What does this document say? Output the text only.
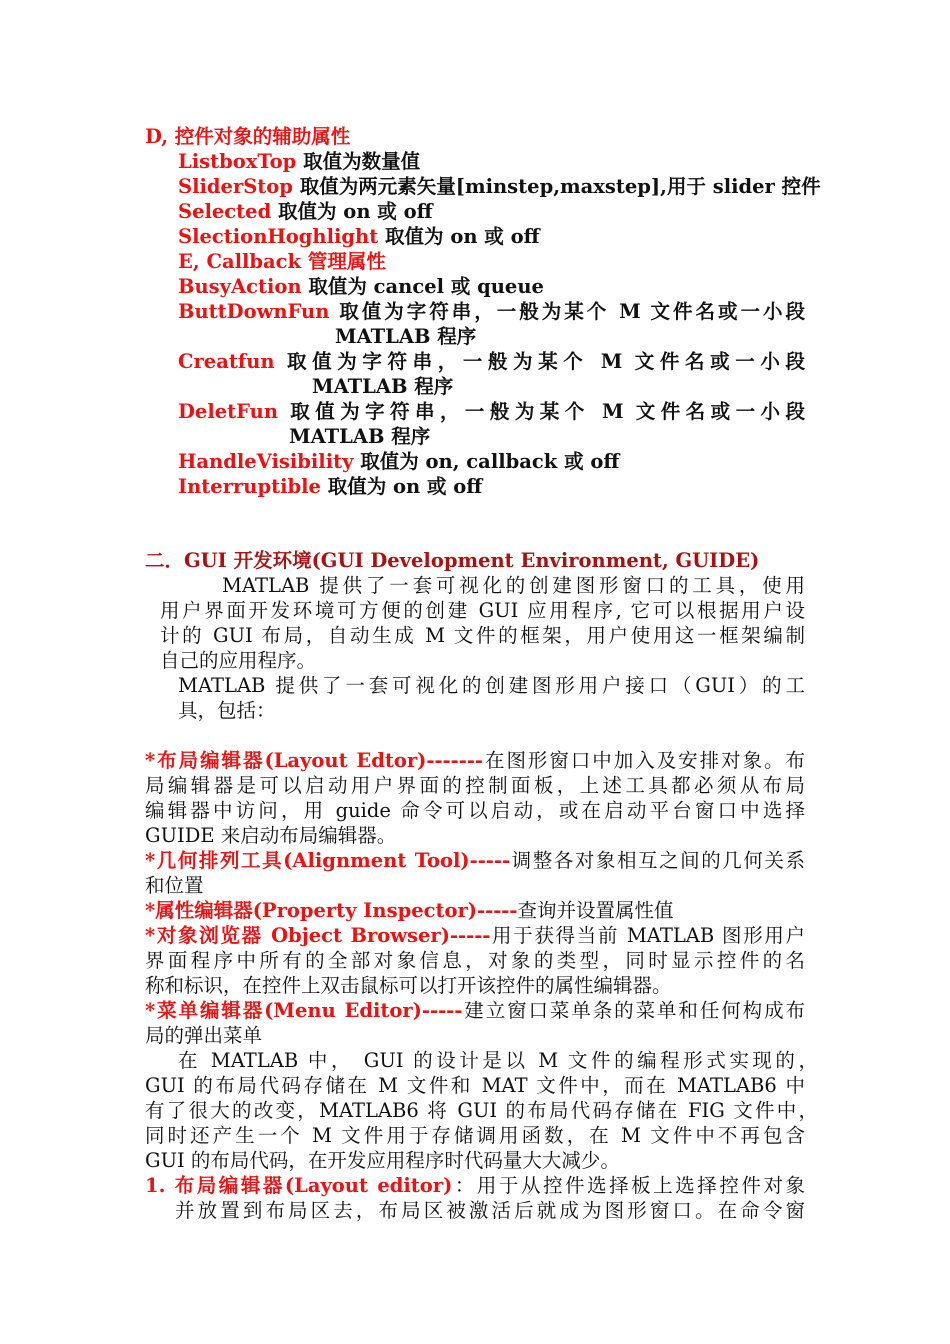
D, 控件对象的辅助属性
ListboxTop 取值为数量值
SliderStop 取值为两元素矢量[minstep,maxstep],用于 slider 控件
Selected 取值为 on 或 off
SlectionHoghlight 取值为 on 或 off
E, Callback 管理属性
BusyAction 取值为 cancel 或 queue
ButtDownFun 取值为字符串，一般为某个 M 文件名或一小段
MATLAB 程序
Creatfun 取值为字符串，一般为某个 M 文件名或一小段
MATLAB 程序
DeletFun 取值为字符串，一般为某个 M 文件名或一小段
MATLAB 程序
HandleVisibility 取值为 on, callback 或 off
Interruptible 取值为 on 或 off
二．GUI 开发环境(GUI Development Environment, GUIDE)
MATLAB 提供了一套可视化的创建图形窗口的工具，使用
用户界面开发环境可方便的创建 GUI 应用程序, 它可以根据用户设
计的 GUI 布局，自动生成 M 文件的框架，用户使用这一框架编制
自己的应用程序。
MATLAB 提供了一套可视化的创建图形用户接口（GUI）的工
具，包括：
*布局编辑器(Layout Edtor)-------在图形窗口中加入及安排对象。布
局编辑器是可以启动用户界面的控制面板，上述工具都必须从布局
编辑器中访问，用 guide 命令可以启动，或在启动平台窗口中选择
GUIDE 来启动布局编辑器。
*几何排列工具(Alignment Tool)-----调整各对象相互之间的几何关系
和位置
*属性编辑器(Property Inspector)-----查询并设置属性值
*对象浏览器 Object Browser)-----用于获得当前 MATLAB 图形用户
界面程序中所有的全部对象信息，对象的类型，同时显示控件的名
称和标识，在控件上双击鼠标可以打开该控件的属性编辑器。
*菜单编辑器(Menu Editor)-----建立窗口菜单条的菜单和任何构成布
局的弹出菜单
在 MATLAB 中， GUI 的设计是以 M 文件的编程形式实现的，
GUI 的布局代码存储在 M 文件和 MAT 文件中，而在 MATLAB6 中
有了很大的改变，MATLAB6 将 GUI 的布局代码存储在 FIG 文件中，
同时还产生一个 M 文件用于存储调用函数，在 M 文件中不再包含
GUI 的布局代码，在开发应用程序时代码量大大减少。
1. 布局编辑器(Layout editor)：用于从控件选择板上选择控件对象
并放置到布局区去，布局区被激活后就成为图形窗口。在命令窗
